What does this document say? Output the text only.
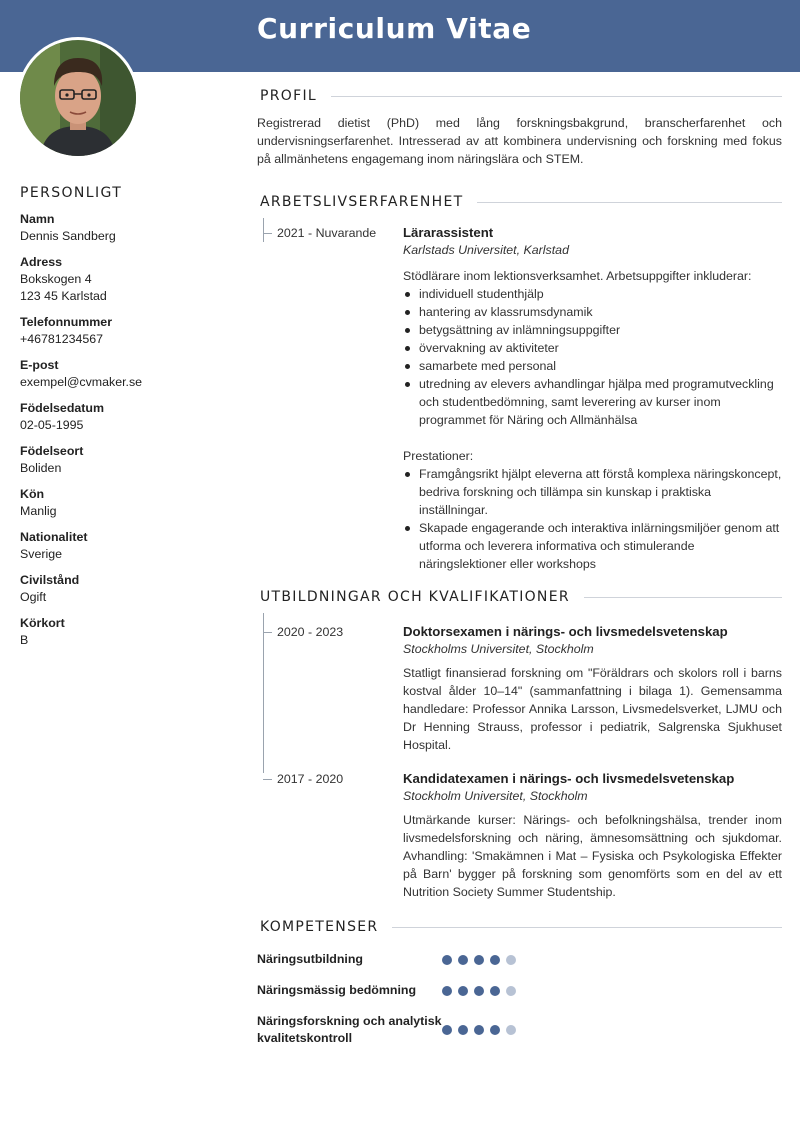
Curriculum Vitae
PERSONLIGT
Namn
Dennis Sandberg
Adress
Bokskogen 4
123 45 Karlstad
Telefonnummer
+46781234567
E-post
exempel@cvmaker.se
Födelsedatum
02-05-1995
Födelseort
Boliden
Kön
Manlig
Nationalitet
Sverige
Civilstånd
Ogift
Körkort
B
PROFIL
Registrerad dietist (PhD) med lång forskningsbakgrund, branscherfarenhet och undervisningserfarenhet. Intresserad av att kombinera undervisning och forskning med fokus på allmänhetens engagemang inom näringslära och STEM.
ARBETSLIVSERFARENHET
2021 - Nuvarande	Lärarassistent
Karlstads Universitet, Karlstad
Stödlärare inom lektionsverksamhet. Arbetsuppgifter inkluderar:
individuell studenthjälp
hantering av klassrumsdynamik
betygsättning av inlämningsuppgifter
övervakning av aktiviteter
samarbete med personal
utredning av elevers avhandlingar hjälpa med programutveckling och studentbedömning, samt leverering av kurser inom programmet för Näring och Allmänhälsa
Prestationer:
Framgångsrikt hjälpt eleverna att förstå komplexa näringskoncept, bedriva forskning och tillämpa sin kunskap i praktiska inställningar.
Skapade engagerande och interaktiva inlärningsmiljöer genom att utforma och leverera informativa och stimulerande näringslektioner eller workshops
UTBILDNINGAR OCH KVALIFIKATIONER
2020 - 2023	Doktorsexamen i närings- och livsmedelsvetenskap
Stockholms Universitet, Stockholm
Statligt finansierad forskning om "Föräldrars och skolors roll i barns kostval ålder 10–14" (sammanfattning i bilaga 1). Gemensamma handledare: Professor Annika Larsson, Livsmedelsverket, LJMU och Dr Henning Strauss, professor i pediatrik, Salgrenska Sjukhuset Hospital.
2017 - 2020	Kandidatexamen i närings- och livsmedelsvetenskap
Stockholm Universitet, Stockholm
Utmärkande kurser: Närings- och befolkningshälsa, trender inom livsmedelsforskning och näring, ämnesomsättning och sjukdomar. Avhandling: 'Smakämnen i Mat – Fysiska och Psykologiska Effekter på Barn' bygger på forskning som genomförts som en del av ett Nutrition Society Summer Studentship.
KOMPETENSER
Näringsutbildning
Näringsmässig bedömning
Näringsforskning och analytisk kvalitetskontroll
